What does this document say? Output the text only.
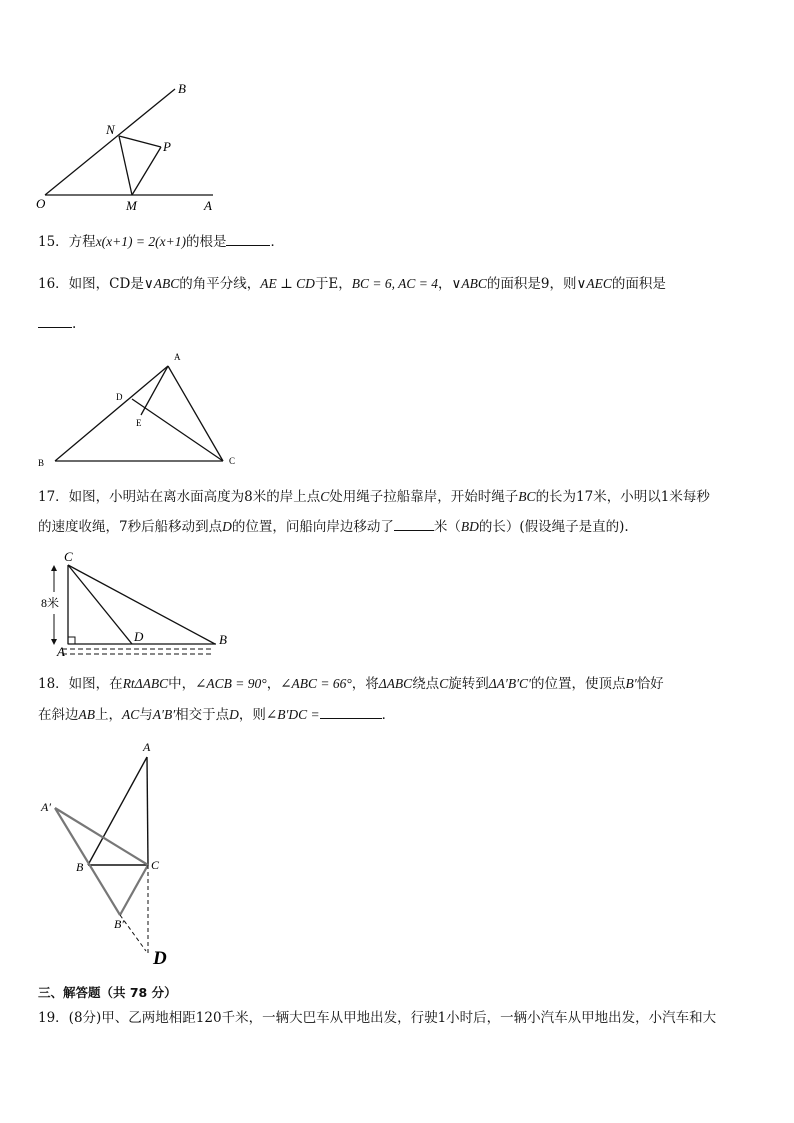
O	M	A
N
P
B
15．方程x(x+1) = 2(x+1)的根是	．
16．如图，CD是∨ABC的角平分线，AE ⊥ CD于E，BC = 6, AC = 4，∨ABC的面积是9，则∨AEC的面积是
.
A
D
E
B	C
17．如图，小明站在离水面高度为8米的岸上点C处用绳子拉船靠岸，开始时绳子BC的长为17米，小明以1米每秒
的速度收绳，7秒后船移动到点D的位置，问船向岸边移动了	米（BD的长）(假设绳子是直的).
C
8米
D	B
A
18．如图，在RtΔABC中，∠ACB = 90°，∠ABC = 66°，将ΔABC绕点C旋转到ΔA′B′C′的位置，使顶点B′恰好
在斜边AB上，AC与A′B′相交于点D，则∠B′DC =	．
A
A′
B	C
B′
D
三、解答题（共 78 分）
19．(8分)甲、乙两地相距120千米，一辆大巴车从甲地出发，行驶1小时后，一辆小汽车从甲地出发，小汽车和大
